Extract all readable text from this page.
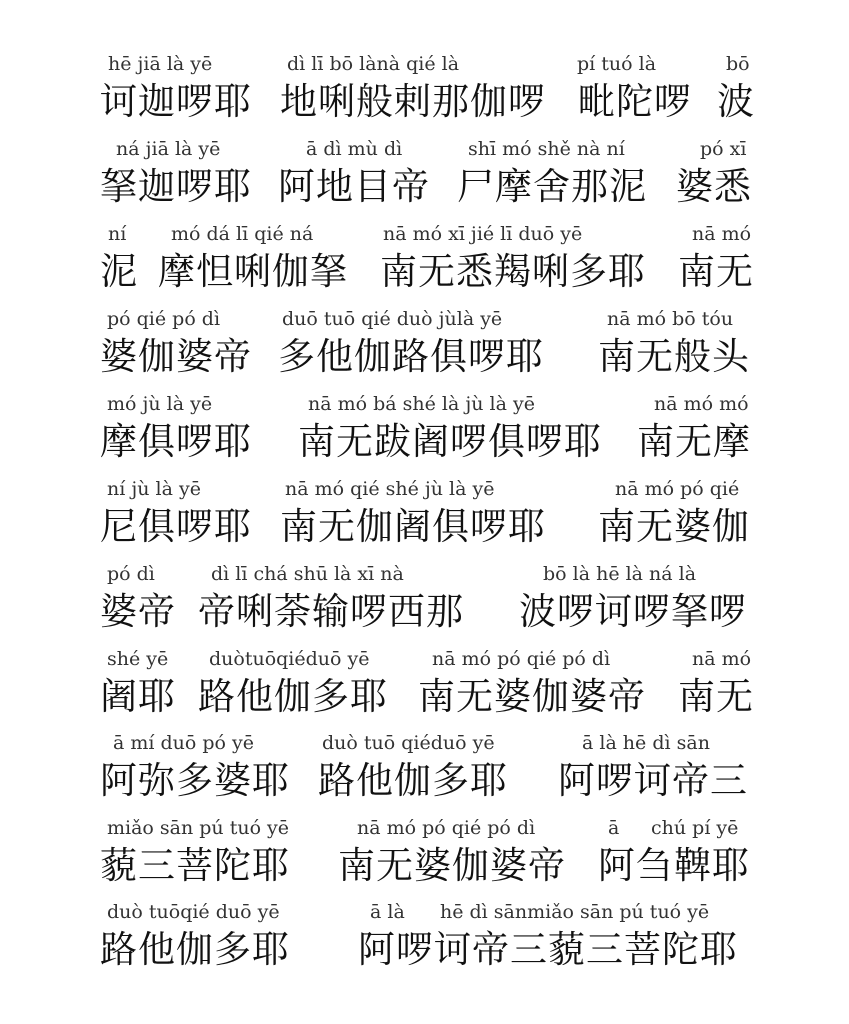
hē jiā là yē	dì lī bō lànà qié là	pí tuó là	bō
诃迦啰耶 地唎般剌那伽啰 毗陀啰 波
ná jiā là yē	ā dì mù dì	shī mó shě nà ní	pó xī
拏迦啰耶 阿地目帝 尸摩舍那泥 婆悉
ní mó dá lī qié ná	nā mó xī jié lī duō yē	nā mó
泥 摩怛唎伽拏 南无悉羯唎多耶 南无
pó qié pó dì	duō tuō qié duò jùlà yē	nā mó bō tóu
婆伽婆帝 多他伽路俱啰耶 南无般头
mó jù là yē	nā mó bá shé là jù là yē	nā mó mó
摩俱啰耶 南无跋阇啰俱啰耶 南无摩
ní jù là yē	nā mó qié shé jù là yē	nā mó pó qié
尼俱啰耶 南无伽阇俱啰耶 南无婆伽
pó dì	dì lī chá shū là xī nà	bō là hē là ná là
婆帝 帝唎荼输啰西那 波啰诃啰拏啰
shé yē duòtuōqiéduō yē	nā mó pó qié pó dì	nā mó
阇耶 路他伽多耶 南无婆伽婆帝 南无
ā mí duō pó yē	duò tuō qiéduō yē	ā là hē dì sān
阿弥多婆耶 路他伽多耶 阿啰诃帝三
miǎo sān pú tuó yē	nā mó pó qié pó dì	ā chú pí yē
藐三菩陀耶 南无婆伽婆帝 阿刍鞞耶
duò tuōqié duō yē	ā là hē dì sānmiǎo sān pú tuó yē
路他伽多耶 阿啰诃帝三藐三菩陀耶
